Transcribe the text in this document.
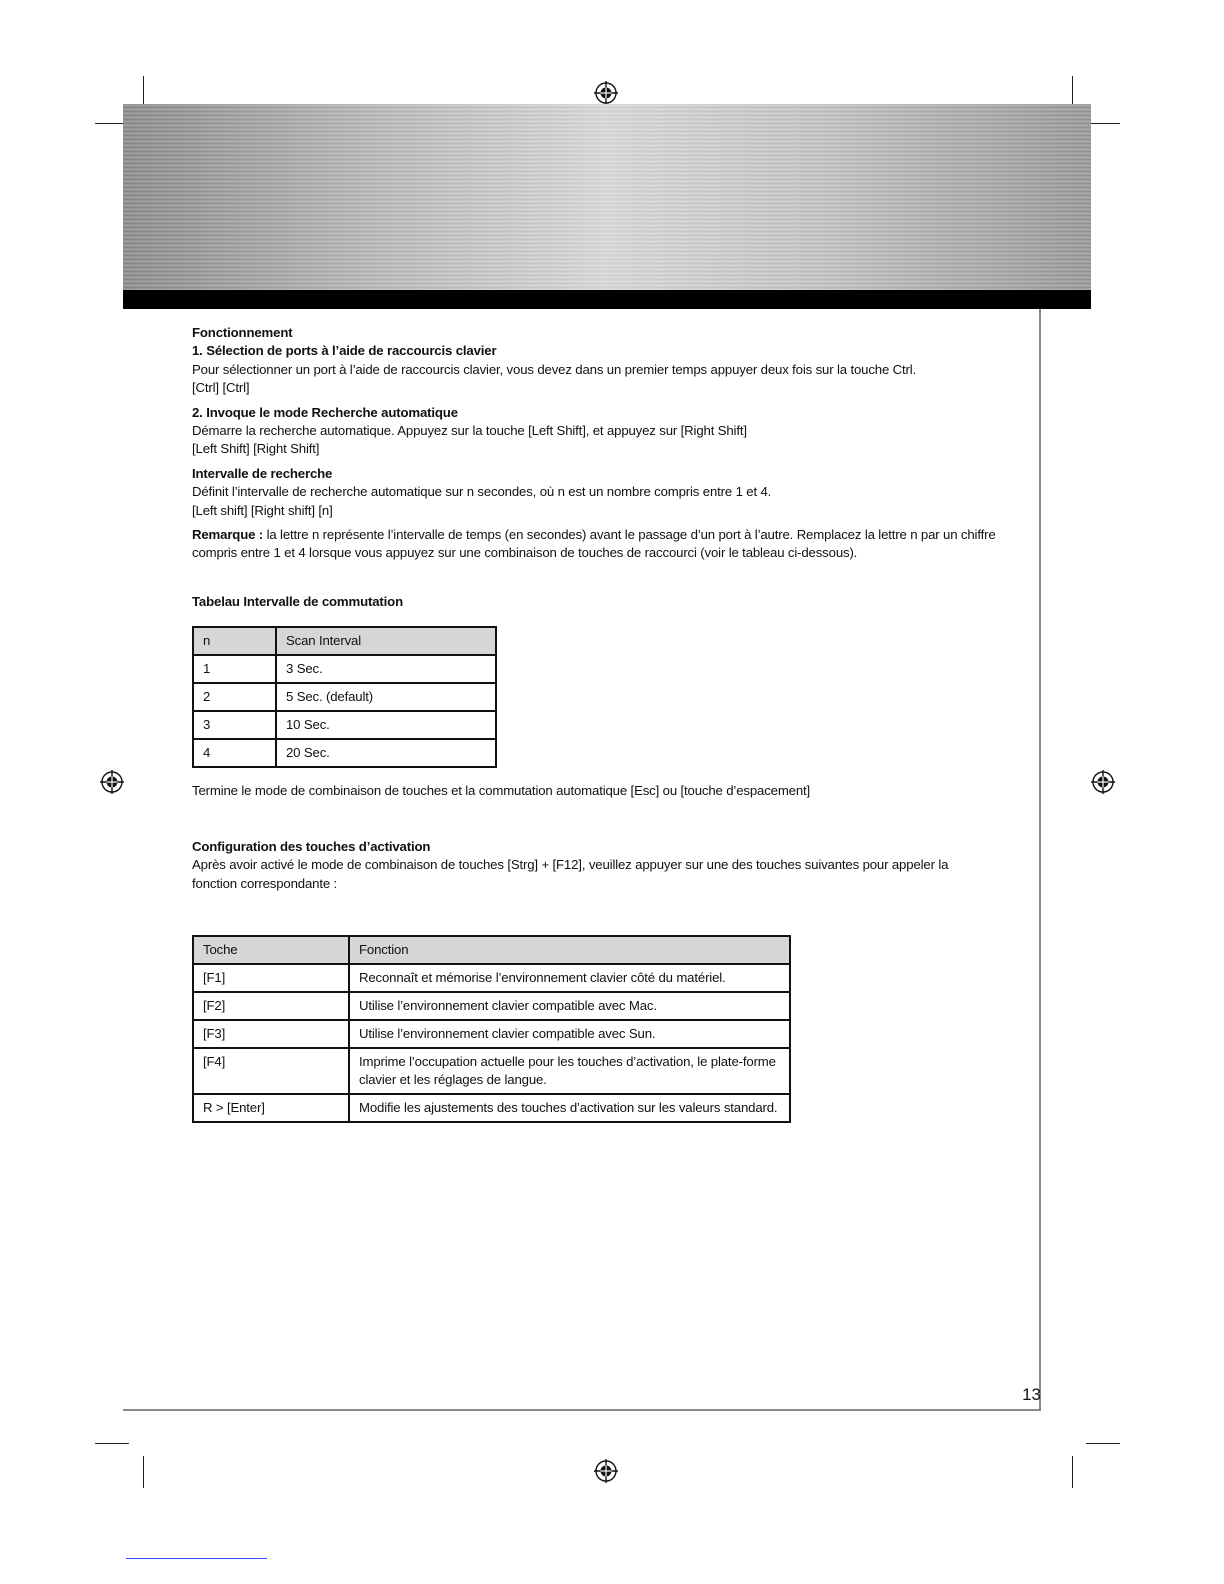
Fonctionnement

1. Sélection de ports à l’aide de raccourcis clavier

Pour sélectionner un port à l’aide de raccourcis clavier, vous devez dans un premier temps appuyer deux fois sur la touche Ctrl.

[Ctrl] [Ctrl]

2. Invoque le mode Recherche automatique

Démarre la recherche automatique. Appuyez sur la touche [Left Shift], et appuyez sur [Right Shift]

[Left Shift] [Right Shift]

Intervalle de recherche

Définit l’intervalle de recherche automatique sur n secondes, où n est un nombre compris entre 1 et 4.

[Left shift] [Right shift] [n]

Remarque : la lettre n représente l’intervalle de temps (en secondes) avant le passage d’un port à l’autre. Remplacez la lettre n par un chiffre compris entre 1 et 4 lorsque vous appuyez sur une combinaison de touches de raccourci (voir le tableau ci-dessous).

Tabelau Intervalle de commutation

n	Scan Interval
1	3 Sec.
2	5 Sec. (default)
3	10 Sec.
4	20 Sec.

Termine le mode de combinaison de touches et la commutation automatique [Esc] ou [touche d’espacement]

Configuration des touches d’activation

Après avoir activé le mode de combinaison de touches [Strg] + [F12], veuillez appuyer sur une des touches suivantes pour appeler la fonction correspondante :

Toche	Fonction
[F1]	Reconnaît et mémorise l’environnement clavier côté du matériel.
[F2]	Utilise l’environnement clavier compatible avec Mac.
[F3]	Utilise l’environnement clavier compatible avec Sun.
[F4]	Imprime l’occupation actuelle pour les touches d’activation, le plate-forme clavier et les réglages de langue.
R > [Enter]	Modifie les ajustements des touches d’activation sur les valeurs standard.
13
